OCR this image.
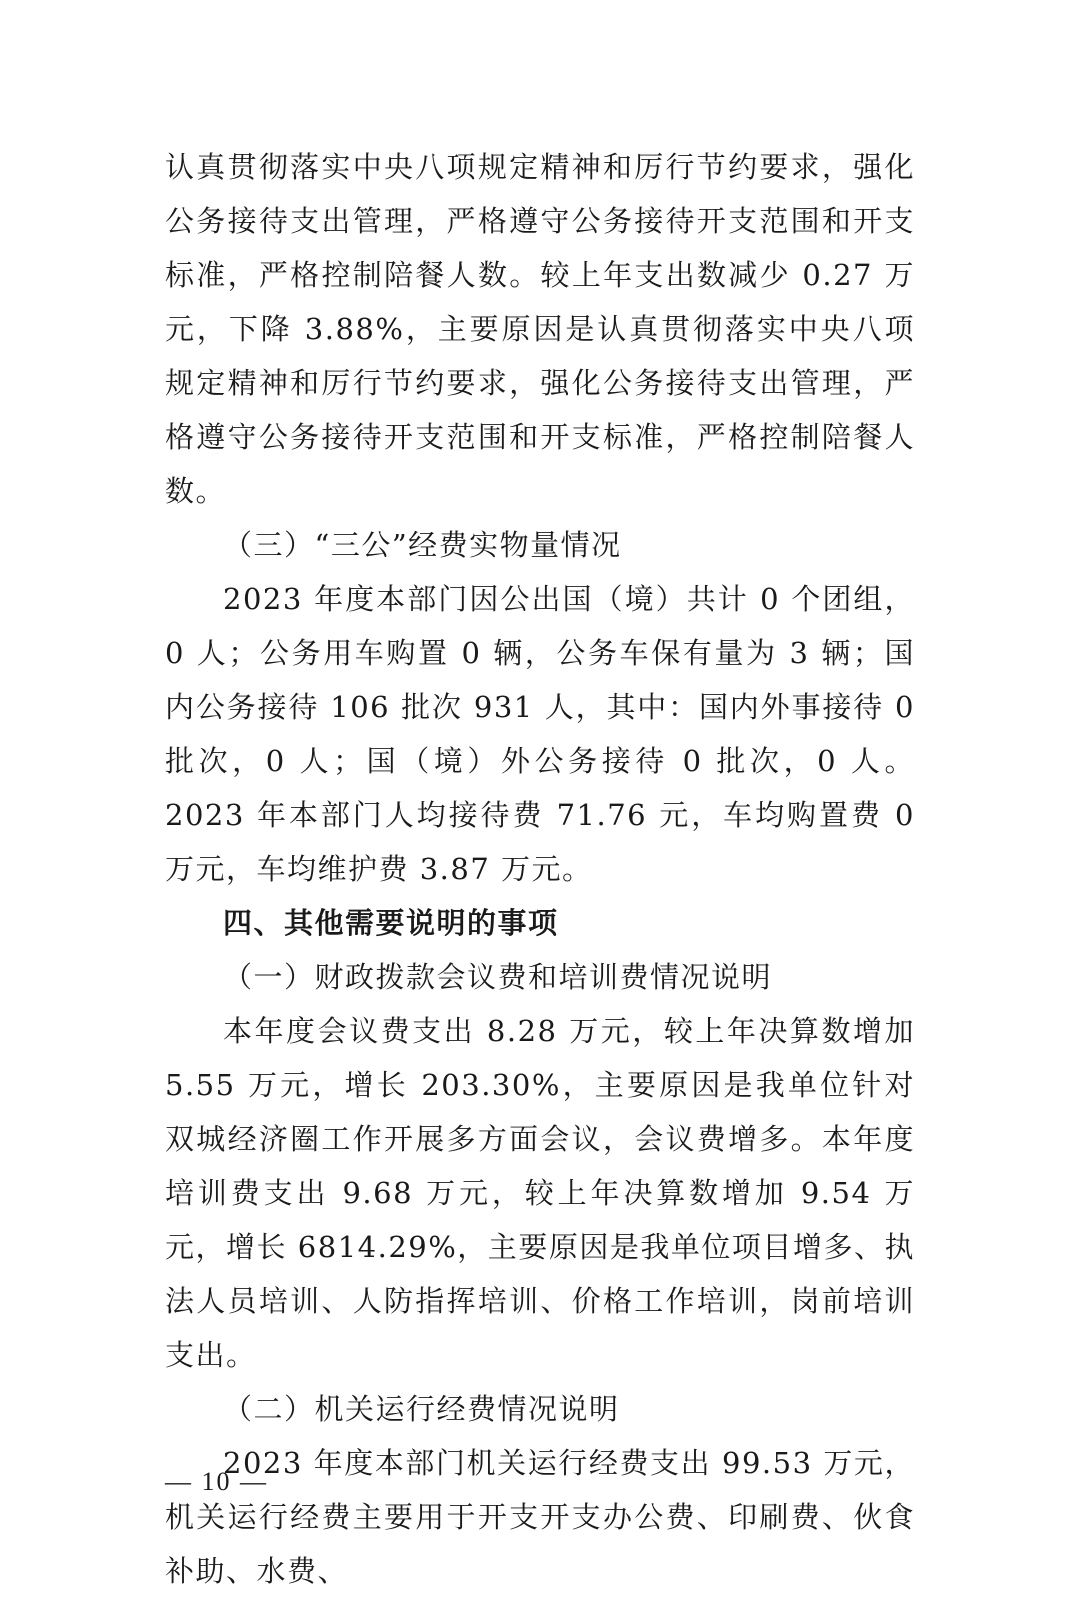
认真贯彻落实中央八项规定精神和厉行节约要求，强化公务接待支出管理，严格遵守公务接待开支范围和开支标准，严格控制陪餐人数。较上年支出数减少 0.27 万元，下降 3.88%，主要原因是认真贯彻落实中央八项规定精神和厉行节约要求，强化公务接待支出管理，严格遵守公务接待开支范围和开支标准，严格控制陪餐人数。

（三）“三公”经费实物量情况

2023 年度本部门因公出国（境）共计 0 个团组，0 人；公务用车购置 0 辆，公务车保有量为 3 辆；国内公务接待 106 批次 931 人，其中：国内外事接待 0 批次，0 人；国（境）外公务接待 0 批次，0 人。2023 年本部门人均接待费 71.76 元，车均购置费 0 万元，车均维护费 3.87 万元。

四、其他需要说明的事项

（一）财政拨款会议费和培训费情况说明

本年度会议费支出 8.28 万元，较上年决算数增加 5.55 万元，增长 203.30%，主要原因是我单位针对双城经济圈工作开展多方面会议，会议费增多。本年度培训费支出 9.68 万元，较上年决算数增加 9.54 万元，增长 6814.29%，主要原因是我单位项目增多、执法人员培训、人防指挥培训、价格工作培训，岗前培训支出。

（二）机关运行经费情况说明

2023 年度本部门机关运行经费支出 99.53 万元，机关运行经费主要用于开支开支办公费、印刷费、伙食补助、水费、

— 10 —
